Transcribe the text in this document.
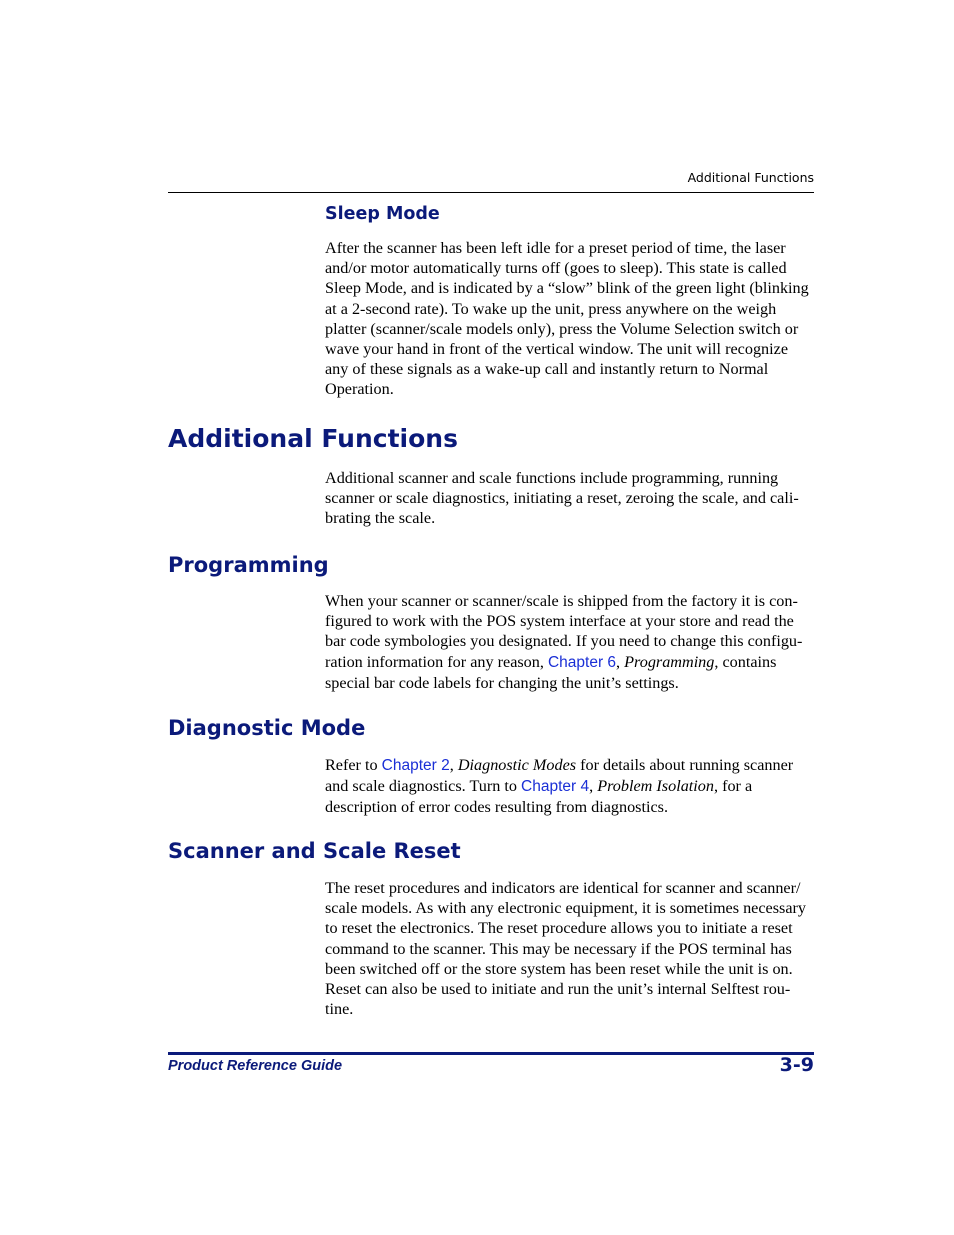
Additional Functions
Sleep Mode

After the scanner has been left idle for a preset period of time, the laser
and/or motor automatically turns off (goes to sleep). This state is called
Sleep Mode, and is indicated by a “slow” blink of the green light (blinking
at a 2-second rate). To wake up the unit, press anywhere on the weigh
platter (scanner/scale models only), press the Volume Selection switch or
wave your hand in front of the vertical window. The unit will recognize
any of these signals as a wake-up call and instantly return to Normal
Operation.

Additional Functions

Additional scanner and scale functions include programming, running
scanner or scale diagnostics, initiating a reset, zeroing the scale, and cali-
brating the scale.

Programming

When your scanner or scanner/scale is shipped from the factory it is con-
figured to work with the POS system interface at your store and read the
bar code symbologies you designated. If you need to change this configu-
ration information for any reason, Chapter 6, Programming, contains
special bar code labels for changing the unit’s settings.

Diagnostic Mode

Refer to Chapter 2, Diagnostic Modes for details about running scanner
and scale diagnostics. Turn to Chapter 4, Problem Isolation, for a
description of error codes resulting from diagnostics.

Scanner and Scale Reset

The reset procedures and indicators are identical for scanner and scanner/
scale models. As with any electronic equipment, it is sometimes necessary
to reset the electronics. The reset procedure allows you to initiate a reset
command to the scanner. This may be necessary if the POS terminal has
been switched off or the store system has been reset while the unit is on.
Reset can also be used to initiate and run the unit’s internal Selftest rou-
tine.

Product Reference Guide	3-9
